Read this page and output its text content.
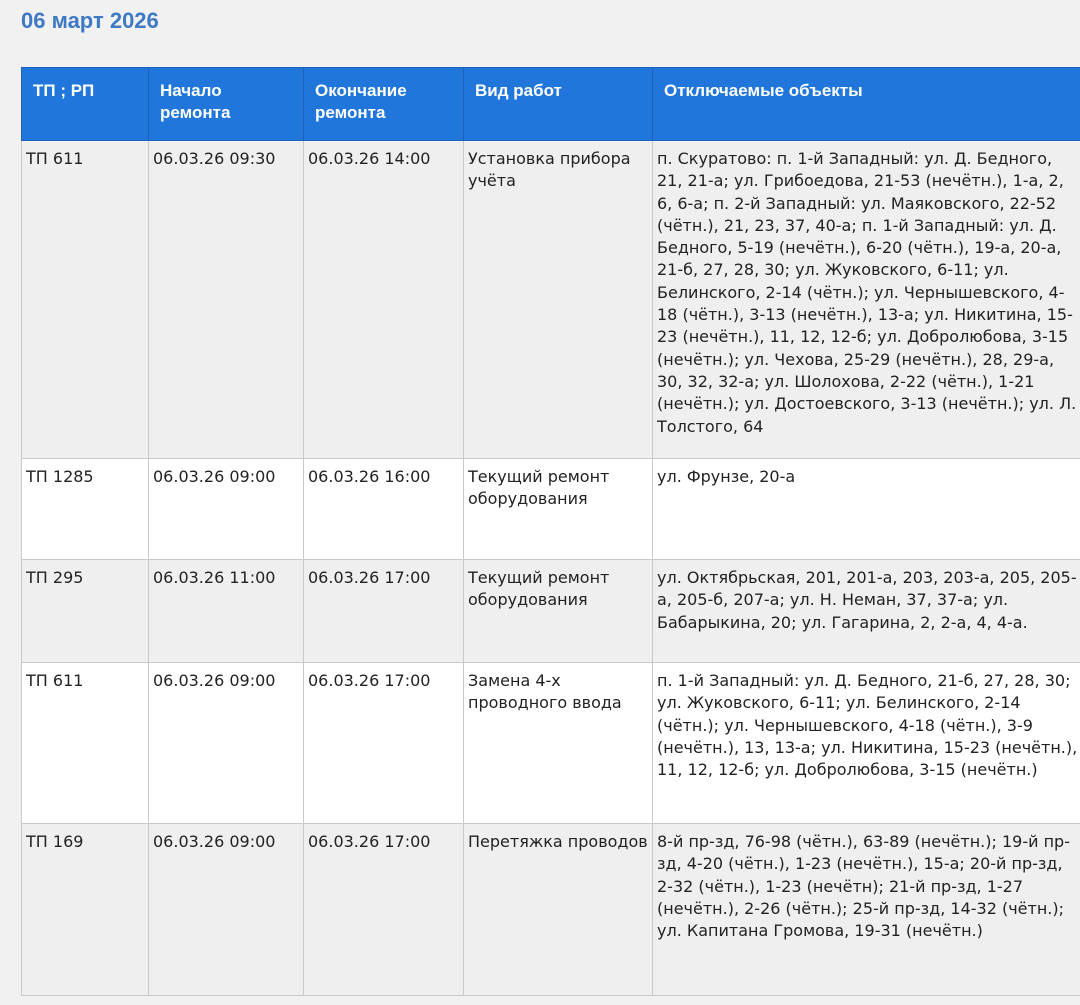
06 март 2026
ТП ; РП	Начало ремонта	Окончание ремонта	Вид работ	Отключаемые объекты
ТП 611	06.03.26 09:30	06.03.26 14:00	Установка прибора учёта	п. Скуратово: п. 1-й Западный: ул. Д. Бедного, 21, 21-а; ул. Грибоедова, 21-53 (нечётн.), 1-а, 2, 6, 6-а; п. 2-й Западный: ул. Маяковского, 22-52 (чётн.), 21, 23, 37, 40-а; п. 1-й Западный: ул. Д. Бедного, 5-19 (нечётн.), 6-20 (чётн.), 19-а, 20-а, 21-б, 27, 28, 30; ул. Жуковского, 6-11; ул. Белинского, 2-14 (чётн.); ул. Чернышевского, 4-18 (чётн.), 3-13 (нечётн.), 13-а; ул. Никитина, 15-23 (нечётн.), 11, 12, 12-б; ул. Добролюбова, 3-15 (нечётн.); ул. Чехова, 25-29 (нечётн.), 28, 29-а, 30, 32, 32-а; ул. Шолохова, 2-22 (чётн.), 1-21 (нечётн.); ул. Достоевского, 3-13 (нечётн.); ул. Л. Толстого, 64
ТП 1285	06.03.26 09:00	06.03.26 16:00	Текущий ремонт оборудования	ул. Фрунзе, 20-а
ТП 295	06.03.26 11:00	06.03.26 17:00	Текущий ремонт оборудования	ул. Октябрьская, 201, 201-а, 203, 203-а, 205, 205-а, 205-б, 207-а; ул. Н. Неман, 37, 37-а; ул. Бабарыкина, 20; ул. Гагарина, 2, 2-а, 4, 4-а.
ТП 611	06.03.26 09:00	06.03.26 17:00	Замена 4-х проводного ввода	п. 1-й Западный: ул. Д. Бедного, 21-б, 27, 28, 30; ул. Жуковского, 6-11; ул. Белинского, 2-14 (чётн.); ул. Чернышевского, 4-18 (чётн.), 3-9 (нечётн.), 13, 13-а; ул. Никитина, 15-23 (нечётн.), 11, 12, 12-б; ул. Добролюбова, 3-15 (нечётн.)
ТП 169	06.03.26 09:00	06.03.26 17:00	Перетяжка проводов	8-й пр-зд, 76-98 (чётн.), 63-89 (нечётн.); 19-й пр-зд, 4-20 (чётн.), 1-23 (нечётн.), 15-а; 20-й пр-зд, 2-32 (чётн.), 1-23 (нечётн); 21-й пр-зд, 1-27 (нечётн.), 2-26 (чётн.); 25-й пр-зд, 14-32 (чётн.); ул. Капитана Громова, 19-31 (нечётн.)
